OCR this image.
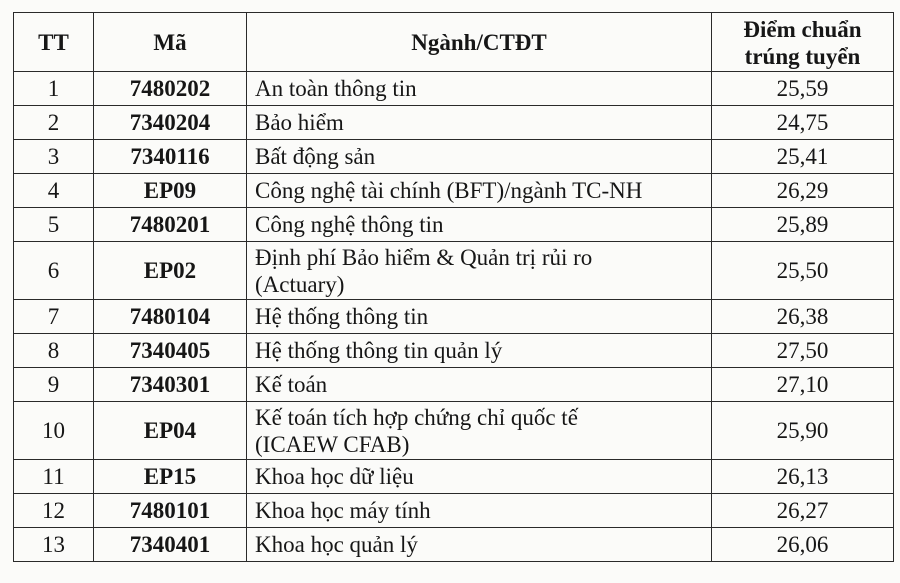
TT	Mã	Ngành/CTĐT	Điểm chuẩn
trúng tuyển

1	7480202	An toàn thông tin	25,59
2	7340204	Bảo hiểm	24,75
3	7340116	Bất động sản	25,41
4	EP09	Công nghệ tài chính (BFT)/ngành TC-NH	26,29
5	7480201	Công nghệ thông tin	25,89
6	EP02	Định phí Bảo hiểm & Quản trị rủi ro
(Actuary)	25,50
7	7480104	Hệ thống thông tin	26,38
8	7340405	Hệ thống thông tin quản lý	27,50
9	7340301	Kế toán	27,10
10	EP04	Kế toán tích hợp chứng chỉ quốc tế
(ICAEW CFAB)	25,90
11	EP15	Khoa học dữ liệu	26,13
12	7480101	Khoa học máy tính	26,27
13	7340401	Khoa học quản lý	26,06
